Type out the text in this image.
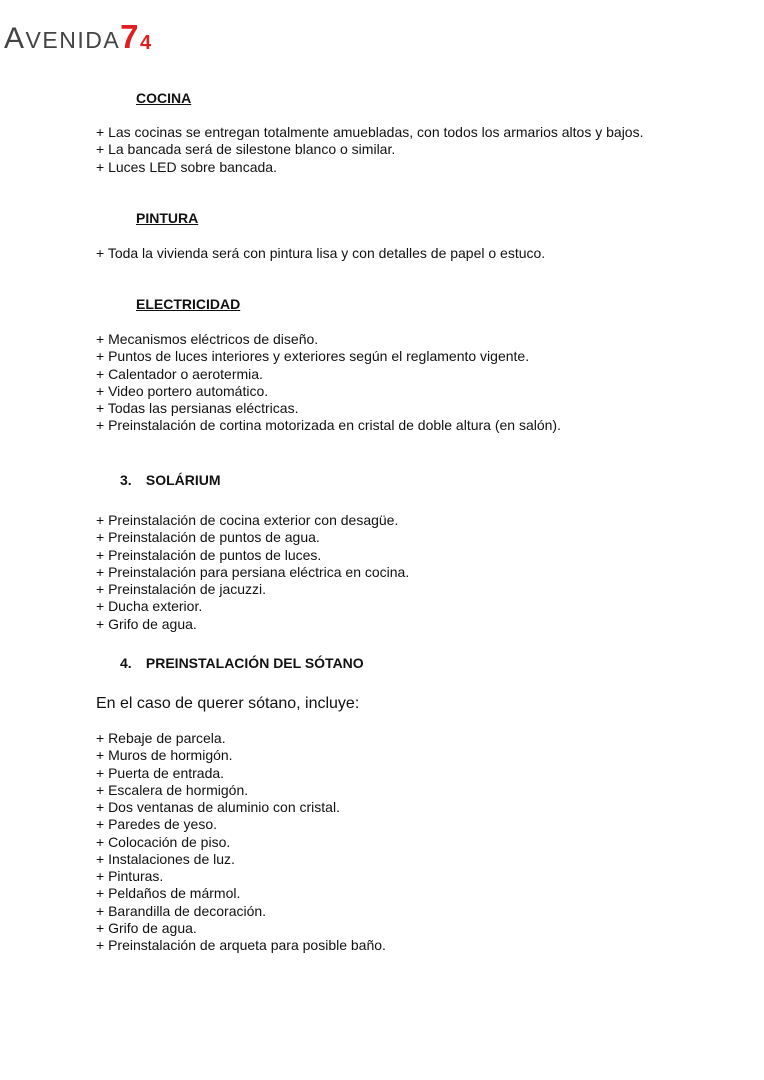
AVENIDA74
COCINA
+ Las cocinas se entregan totalmente amuebladas, con todos los armarios altos y bajos.
+ La bancada será de silestone blanco o similar.
+ Luces LED sobre bancada.
PINTURA
+ Toda la vivienda será con pintura lisa y con detalles de papel o estuco.
ELECTRICIDAD
+ Mecanismos eléctricos de diseño.
+ Puntos de luces interiores y exteriores según el reglamento vigente.
+ Calentador o aerotermia.
+ Video portero automático.
+ Todas las persianas eléctricas.
+ Preinstalación de cortina motorizada en cristal de doble altura (en salón).
3. SOLÁRIUM
+ Preinstalación de cocina exterior con desagüe.
+ Preinstalación de puntos de agua.
+ Preinstalación de puntos de luces.
+ Preinstalación para persiana eléctrica en cocina.
+ Preinstalación de jacuzzi.
+ Ducha exterior.
+ Grifo de agua.
4. PREINSTALACIÓN DEL SÓTANO
En el caso de querer sótano, incluye:
+ Rebaje de parcela.
+ Muros de hormigón.
+ Puerta de entrada.
+ Escalera de hormigón.
+ Dos ventanas de aluminio con cristal.
+ Paredes de yeso.
+ Colocación de piso.
+ Instalaciones de luz.
+ Pinturas.
+ Peldaños de mármol.
+ Barandilla de decoración.
+ Grifo de agua.
+ Preinstalación de arqueta para posible baño.
